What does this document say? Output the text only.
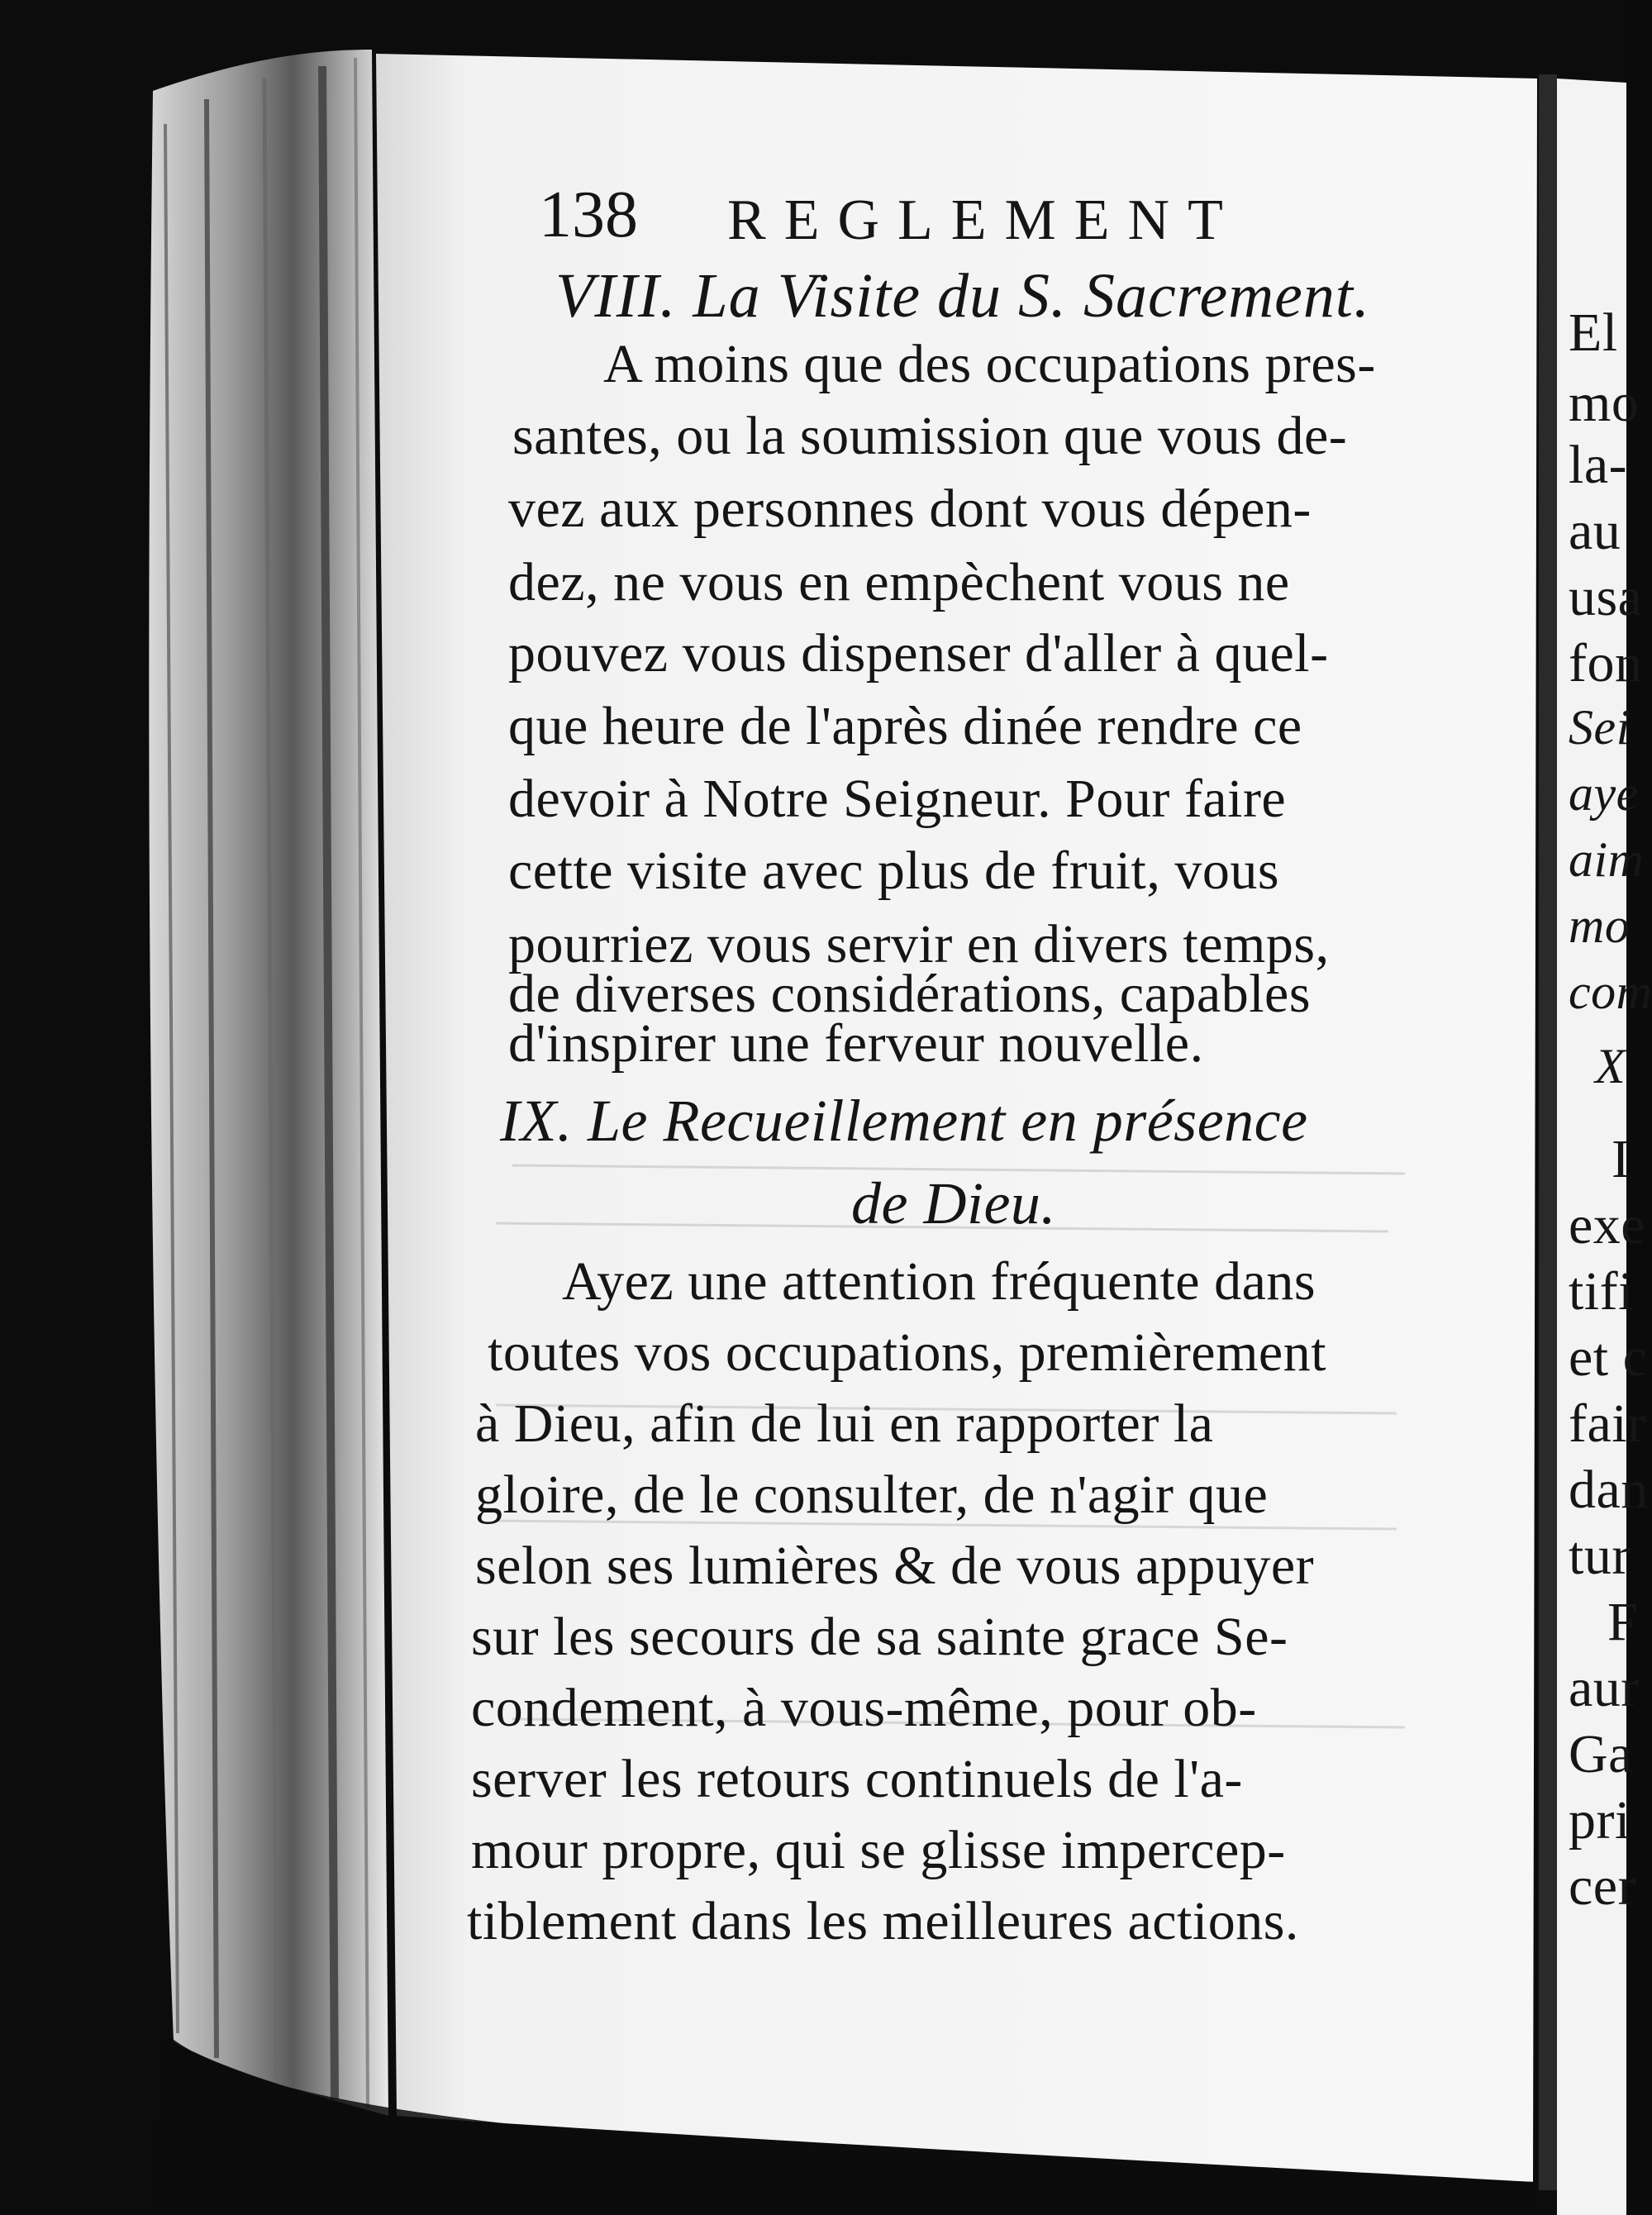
138 REGLEMENT
VIII. La Visite du S. Sacrement.
A moins que des occupations pres-
santes, ou la soumission que vous de-
vez aux personnes dont vous dépen-
dez, ne vous en empèchent vous ne
pouvez vous dispenser d'aller à quel-
que heure de l'après dinée rendre ce
devoir à Notre Seigneur. Pour faire
cette visite avec plus de fruit, vous
pourriez vous servir en divers temps,
de diverses considérations, capables
d'inspirer une ferveur nouvelle.
IX. Le Recueillement en présence
de Dieu.
Ayez une attention fréquente dans
toutes vos occupations, premièrement
à Dieu, afin de lui en rapporter la
gloire, de le consulter, de n'agir que
selon ses lumières & de vous appuyer
sur les secours de sa sainte grace Se-
condement, à vous-même, pour ob-
server les retours continuels de l'a-
mour propre, qui se glisse impercep-
tiblement dans les meilleures actions.
El
mo
la-
au
usa
fon
Sei
aye
aim
mo
com
X
I
exe
tifi
et c
fair
dan
tur
F
aur
Ga
pri
cer
